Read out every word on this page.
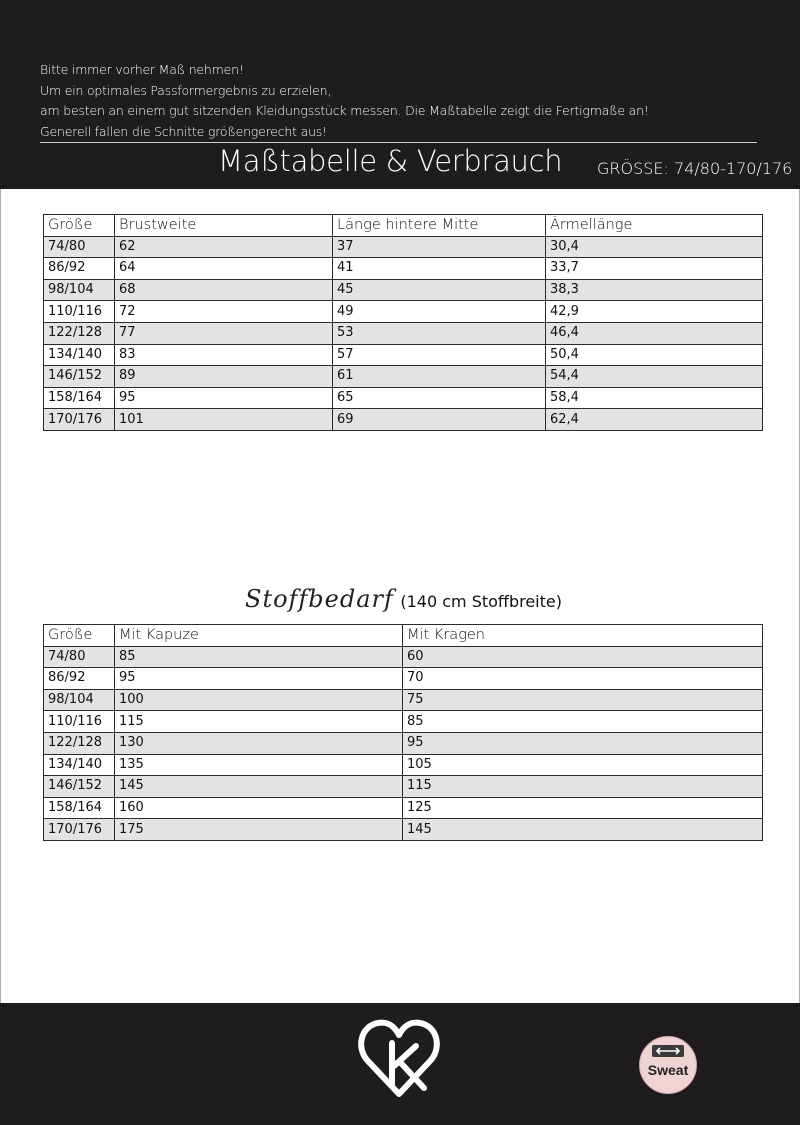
Bitte immer vorher Maß nehmen!
Um ein optimales Passformergebnis zu erzielen,
am besten an einem gut sitzenden Kleidungsstück messen. Die Maßtabelle zeigt die Fertigmaße an!
Generell fallen die Schnitte größengerecht aus!
Maßtabelle & Verbrauch GRÖSSE: 74/80-170/176
Größe	Brustweite	Länge hintere Mitte	Ärmellänge
74/80	62	37	30,4
86/92	64	41	33,7
98/104	68	45	38,3
110/116	72	49	42,9
122/128	77	53	46,4
134/140	83	57	50,4
146/152	89	61	54,4
158/164	95	65	58,4
170/176	101	69	62,4
Stoffbedarf (140 cm Stoffbreite)
Größe	Mit Kapuze	Mit Kragen
74/80	85	60
86/92	95	70
98/104	100	75
110/116	115	85
122/128	130	95
134/140	135	105
146/152	145	115
158/164	160	125
170/176	175	145
Sweat
